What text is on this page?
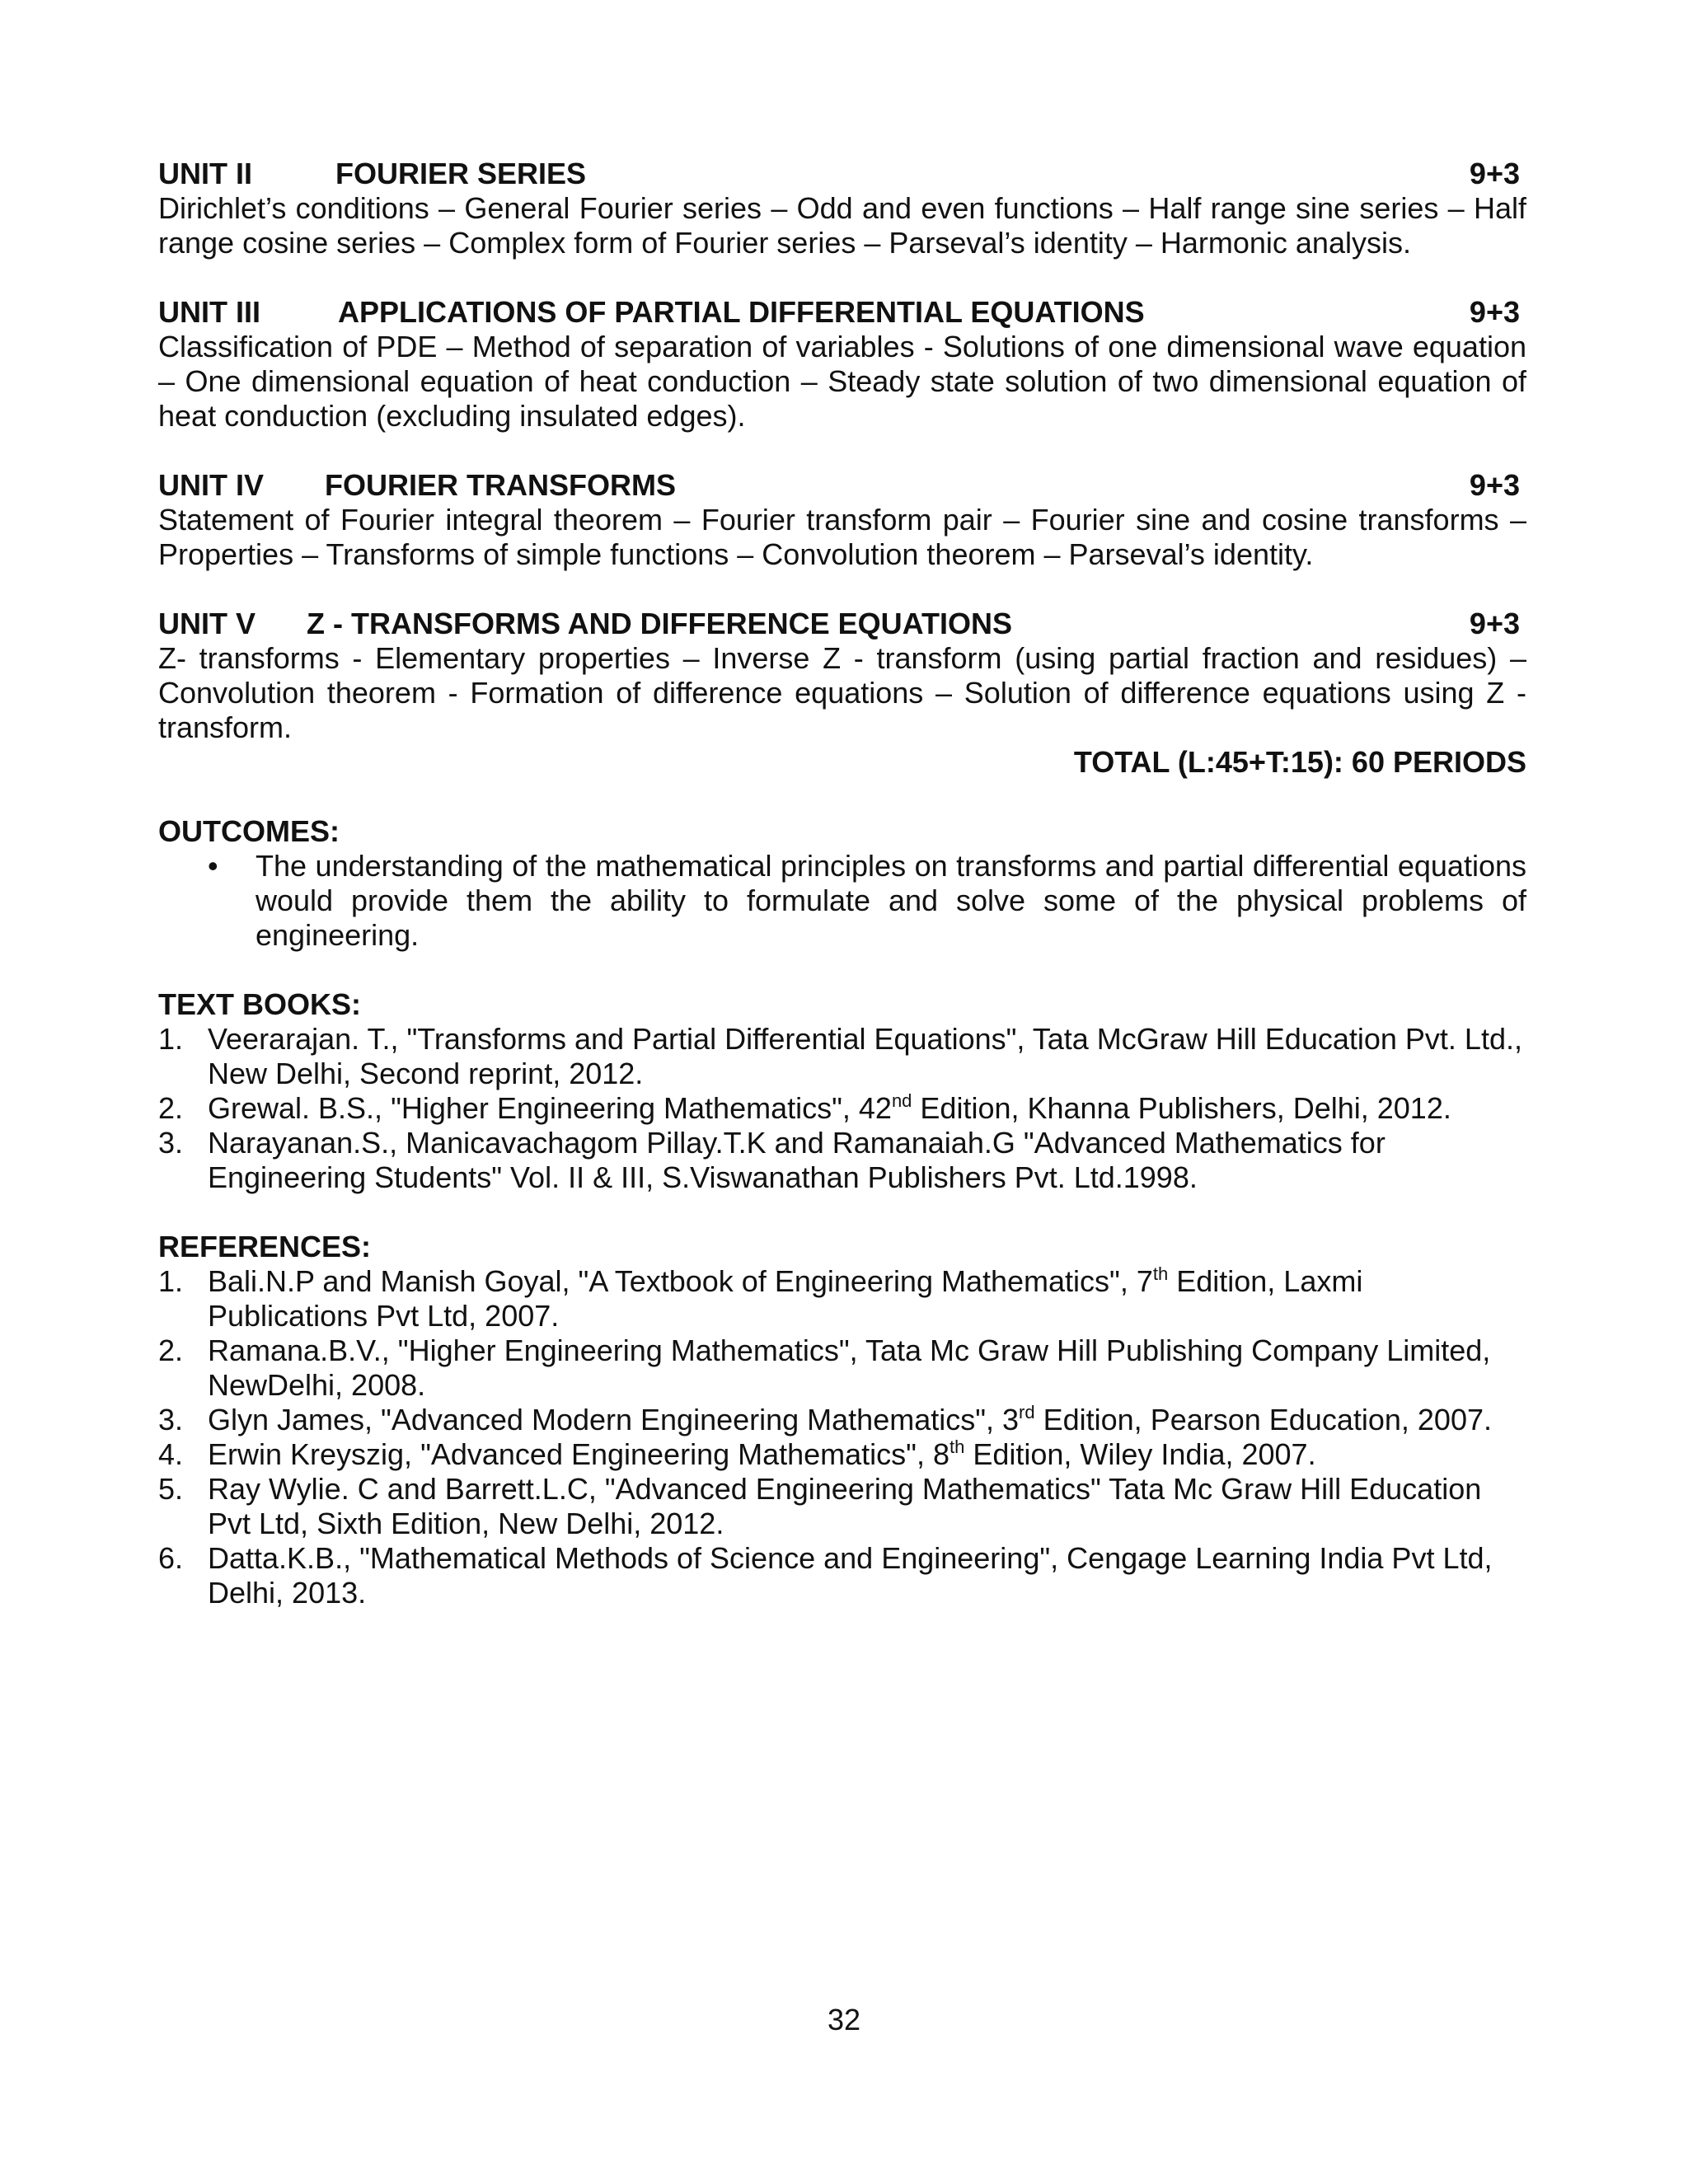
UNIT II	FOURIER SERIES	9+3
Dirichlet’s conditions – General Fourier series – Odd and even functions – Half range sine series – Half range cosine series – Complex form of Fourier series – Parseval’s identity – Harmonic analysis.
UNIT III	APPLICATIONS OF PARTIAL DIFFERENTIAL EQUATIONS	9+3
Classification of PDE – Method of separation of variables - Solutions of one dimensional wave equation – One dimensional equation of heat conduction – Steady state solution of two dimensional equation of heat conduction (excluding insulated edges).
UNIT IV	FOURIER TRANSFORMS	9+3
Statement of Fourier integral theorem – Fourier transform pair – Fourier sine and cosine transforms – Properties – Transforms of simple functions – Convolution theorem – Parseval’s identity.
UNIT V	Z - TRANSFORMS AND DIFFERENCE EQUATIONS	9+3
Z- transforms - Elementary properties – Inverse Z - transform (using partial fraction and residues) – Convolution theorem - Formation of difference equations – Solution of difference equations using Z - transform.
TOTAL (L:45+T:15): 60 PERIODS
OUTCOMES:
• The understanding of the mathematical principles on transforms and partial differential equations would provide them the ability to formulate and solve some of the physical problems of engineering.
TEXT BOOKS:
1. Veerarajan. T., "Transforms and Partial Differential Equations", Tata McGraw Hill Education Pvt. Ltd., New Delhi, Second reprint, 2012.
2. Grewal. B.S., "Higher Engineering Mathematics", 42nd Edition, Khanna Publishers, Delhi, 2012.
3. Narayanan.S., Manicavachagom Pillay.T.K and Ramanaiah.G "Advanced Mathematics for Engineering Students" Vol. II & III, S.Viswanathan Publishers Pvt. Ltd.1998.
REFERENCES:
1. Bali.N.P and Manish Goyal, "A Textbook of Engineering Mathematics", 7th Edition, Laxmi Publications Pvt Ltd, 2007.
2. Ramana.B.V., "Higher Engineering Mathematics", Tata Mc Graw Hill Publishing Company Limited, NewDelhi, 2008.
3. Glyn James, "Advanced Modern Engineering Mathematics", 3rd Edition, Pearson Education, 2007.
4. Erwin Kreyszig, "Advanced Engineering Mathematics", 8th Edition, Wiley India, 2007.
5. Ray Wylie. C and Barrett.L.C, "Advanced Engineering Mathematics" Tata Mc Graw Hill Education Pvt Ltd, Sixth Edition, New Delhi, 2012.
6. Datta.K.B., "Mathematical Methods of Science and Engineering", Cengage Learning India Pvt Ltd, Delhi, 2013.
32
